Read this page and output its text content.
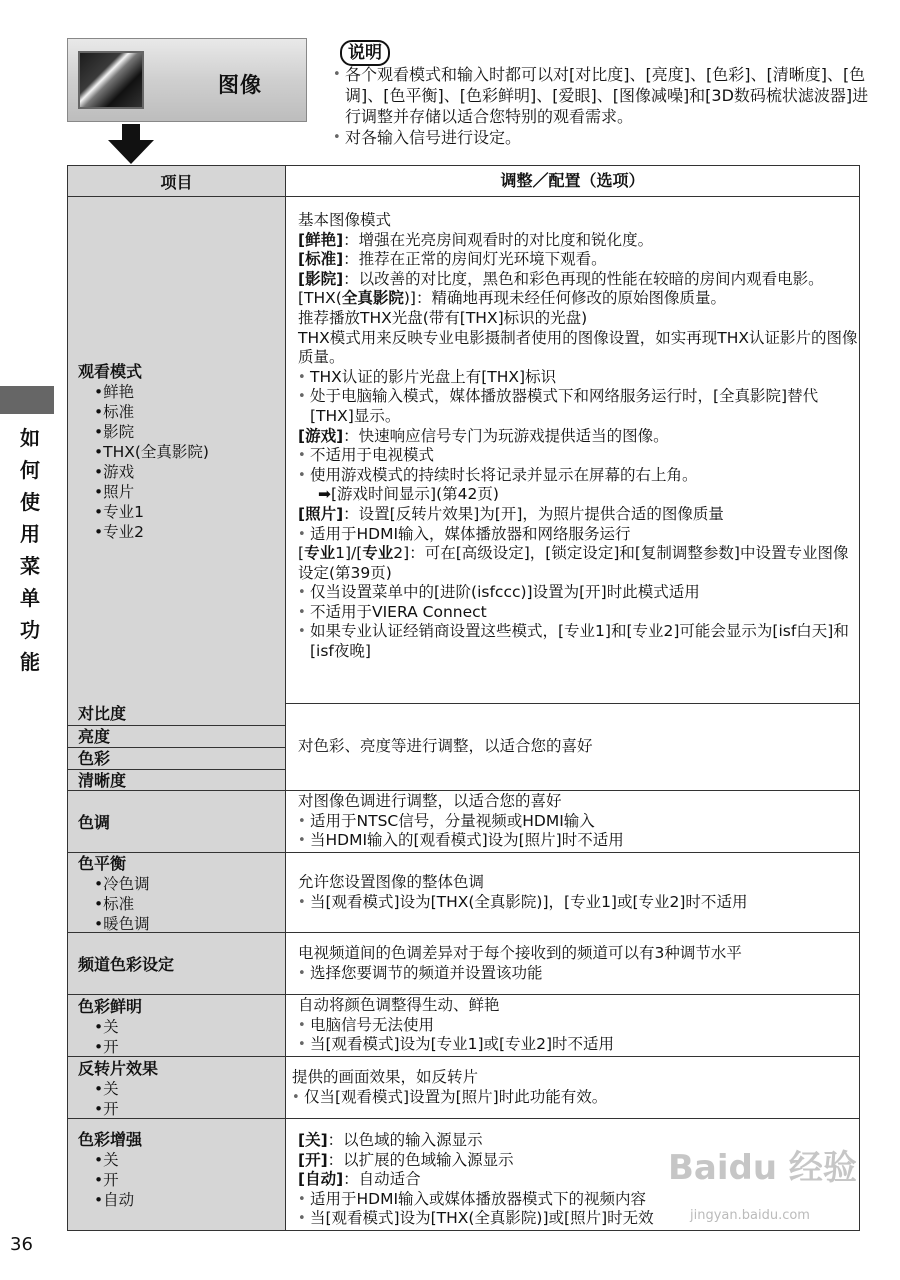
图像
说明
• 各个观看模式和输入时都可以对[对比度]、[亮度]、[色彩]、[清晰度]、[色调]、[色平衡]、[色彩鲜明]、[爱眼]、[图像减噪]和[3D数码梳状滤波器]进行调整并存储以适合您特别的观看需求。
• 对各输入信号进行设定。
如何使用菜单功能
项目	调整／配置（选项）
观看模式
•鲜艳
•标准
•影院
•THX(全真影院)
•游戏
•照片
•专业1
•专业2
基本图像模式
[鲜艳]：增强在光亮房间观看时的对比度和锐化度。
[标准]：推荐在正常的房间灯光环境下观看。
[影院]：以改善的对比度，黑色和彩色再现的性能在较暗的房间内观看电影。
[THX(全真影院)]：精确地再现未经任何修改的原始图像质量。
推荐播放THX光盘(带有[THX]标识的光盘)
THX模式用来反映专业电影摄制者使用的图像设置，如实再现THX认证影片的图像质量。
• THX认证的影片光盘上有[THX]标识
• 处于电脑输入模式，媒体播放器模式下和网络服务运行时，[全真影院]替代[THX]显示。
[游戏]：快速响应信号专门为玩游戏提供适当的图像。
• 不适用于电视模式
• 使用游戏模式的持续时长将记录并显示在屏幕的右上角。
➡[游戏时间显示](第42页)
[照片]：设置[反转片效果]为[开]，为照片提供合适的图像质量
• 适用于HDMI输入，媒体播放器和网络服务运行
[专业1]/[专业2]：可在[高级设定]，[锁定设定]和[复制调整参数]中设置专业图像设定(第39页)
• 仅当设置菜单中的[进阶(isfccc)]设置为[开]时此模式适用
• 不适用于VIERA Connect
• 如果专业认证经销商设置这些模式，[专业1]和[专业2]可能会显示为[isf白天]和[isf夜晚]
对比度
亮度
色彩
清晰度
对色彩、亮度等进行调整，以适合您的喜好
色调
对图像色调进行调整，以适合您的喜好
• 适用于NTSC信号，分量视频或HDMI输入
• 当HDMI输入的[观看模式]设为[照片]时不适用
色平衡
•冷色调
•标准
•暖色调
允许您设置图像的整体色调
• 当[观看模式]设为[THX(全真影院)]，[专业1]或[专业2]时不适用
频道色彩设定
电视频道间的色调差异对于每个接收到的频道可以有3种调节水平
• 选择您要调节的频道并设置该功能
色彩鲜明
•关
•开
自动将颜色调整得生动、鲜艳
• 电脑信号无法使用
• 当[观看模式]设为[专业1]或[专业2]时不适用
反转片效果
•关
•开
提供的画面效果，如反转片
• 仅当[观看模式]设置为[照片]时此功能有效。
色彩增强
•关
•开
•自动
[关]：以色域的输入源显示
[开]：以扩展的色域输入源显示
[自动]：自动适合
• 适用于HDMI输入或媒体播放器模式下的视频内容
• 当[观看模式]设为[THX(全真影院)]或[照片]时无效
Baidu 经验
jingyan.baidu.com
36
